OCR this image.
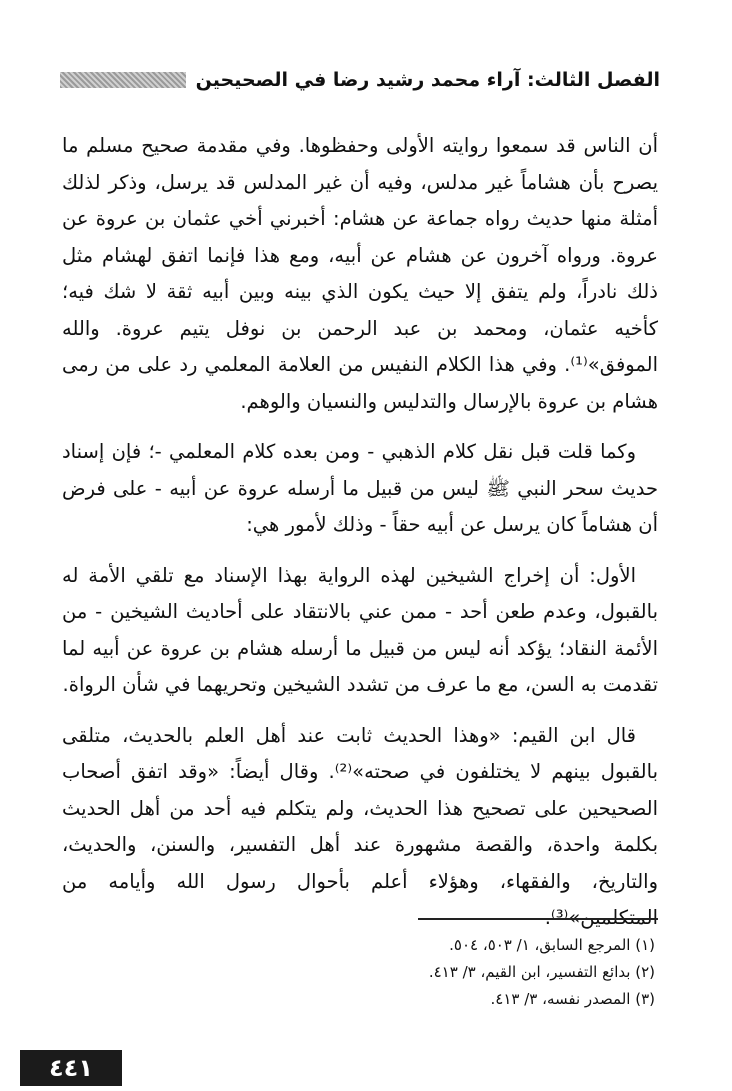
الفصل الثالث: آراء محمد رشيد رضا في الصحيحين

أن الناس قد سمعوا روايته الأولى وحفظوها. وفي مقدمة صحيح مسلم ما يصرح بأن هشاماً غير مدلس، وفيه أن غير المدلس قد يرسل، وذكر لذلك أمثلة منها حديث رواه جماعة عن هشام: أخبرني أخي عثمان بن عروة عن عروة. ورواه آخرون عن هشام عن أبيه، ومع هذا فإنما اتفق لهشام مثل ذلك نادراً، ولم يتفق إلا حيث يكون الذي بينه وبين أبيه ثقة لا شك فيه؛ كأخيه عثمان، ومحمد بن عبد الرحمن بن نوفل يتيم عروة. والله الموفق»⁽¹⁾. وفي هذا الكلام النفيس من العلامة المعلمي رد على من رمى هشام بن عروة بالإرسال والتدليس والنسيان والوهم.

وكما قلت قبل نقل كلام الذهبي - ومن بعده كلام المعلمي -؛ فإن إسناد حديث سحر النبي ﷺ ليس من قبيل ما أرسله عروة عن أبيه - على فرض أن هشاماً كان يرسل عن أبيه حقاً - وذلك لأمور هي:

الأول: أن إخراج الشيخين لهذه الرواية بهذا الإسناد مع تلقي الأمة له بالقبول، وعدم طعن أحد - ممن عني بالانتقاد على أحاديث الشيخين - من الأئمة النقاد؛ يؤكد أنه ليس من قبيل ما أرسله هشام بن عروة عن أبيه لما تقدمت به السن، مع ما عرف من تشدد الشيخين وتحريهما في شأن الرواة.

قال ابن القيم: «وهذا الحديث ثابت عند أهل العلم بالحديث، متلقى بالقبول بينهم لا يختلفون في صحته»⁽²⁾. وقال أيضاً: «وقد اتفق أصحاب الصحيحين على تصحيح هذا الحديث، ولم يتكلم فيه أحد من أهل الحديث بكلمة واحدة، والقصة مشهورة عند أهل التفسير، والسنن، والحديث، والتاريخ، والفقهاء، وهؤلاء أعلم بأحوال رسول الله وأيامه من المتكلمين»⁽³⁾.

(١) المرجع السابق، ١/ ٥٠٣، ٥٠٤.
(٢) بدائع التفسير، ابن القيم، ٣/ ٤١٣.
(٣) المصدر نفسه، ٣/ ٤١٣.
٤٤١
